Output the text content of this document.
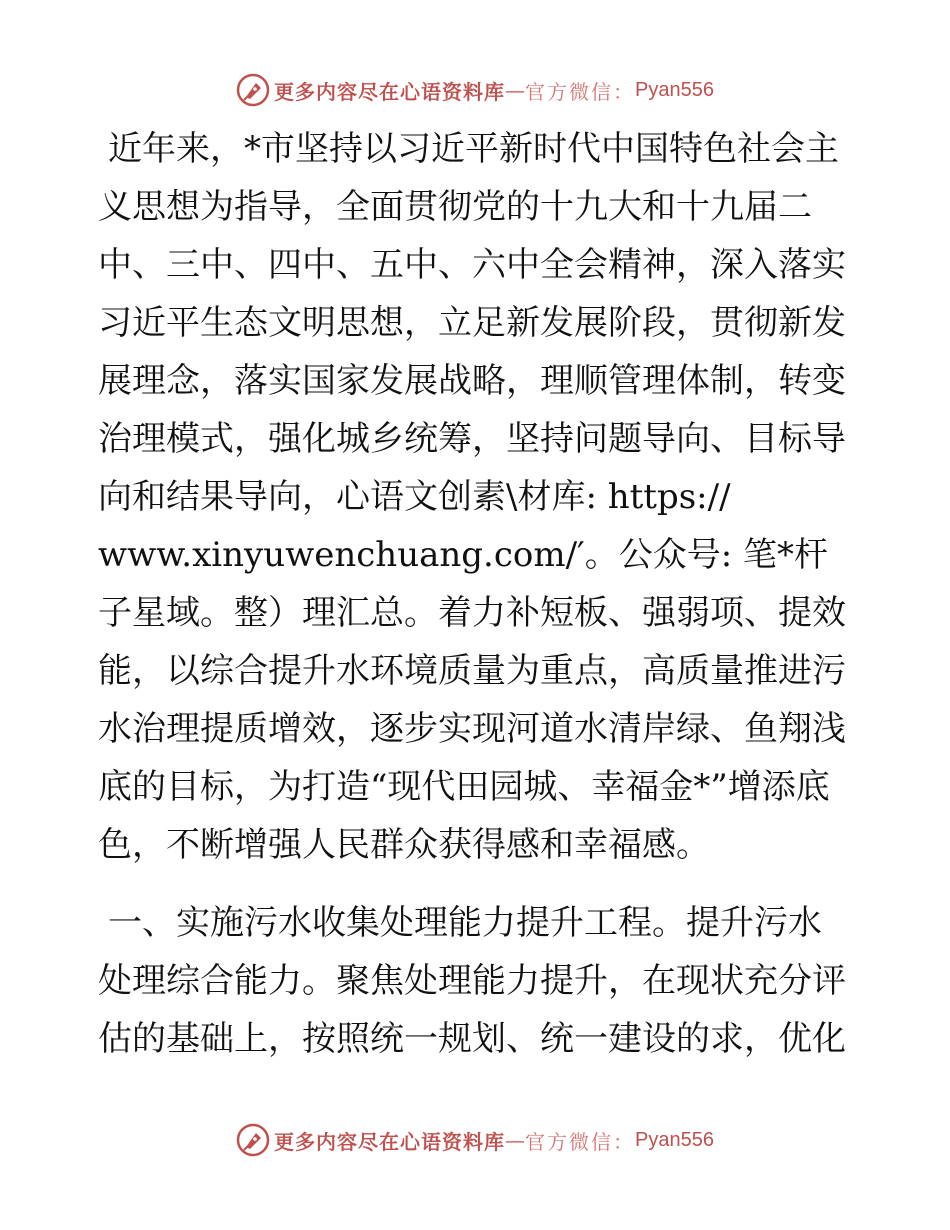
更多内容尽在心语资料库 — 官方微信： Pyan556

近年来，*市坚持以习近平新时代中国特色社会主义思想为指导，全面贯彻党的十九大和十九届二中、三中、四中、五中、六中全会精神，深入落实习近平生态文明思想，立足新发展阶段，贯彻新发展理念，落实国家发展战略，理顺管理体制，转变治理模式，强化城乡统筹，坚持问题导向、目标导向和结果导向，心语文创素\材库: https:// www.xinyuwenchuang.com/′。公众号: 笔*杆子星域。整）理汇总。着力补短板、强弱项、提效能，以综合提升水环境质量为重点，高质量推进污水治理提质增效，逐步实现河道水清岸绿、鱼翔浅底的目标，为打造“现代田园城、幸福金*”增添底色，不断增强人民群众获得感和幸福感。

一、实施污水收集处理能力提升工程。提升污水处理综合能力。聚焦处理能力提升，在现状充分评估的基础上，按照统一规划、统一建设的求，优化

更多内容尽在心语资料库 — 官方微信： Pyan556
